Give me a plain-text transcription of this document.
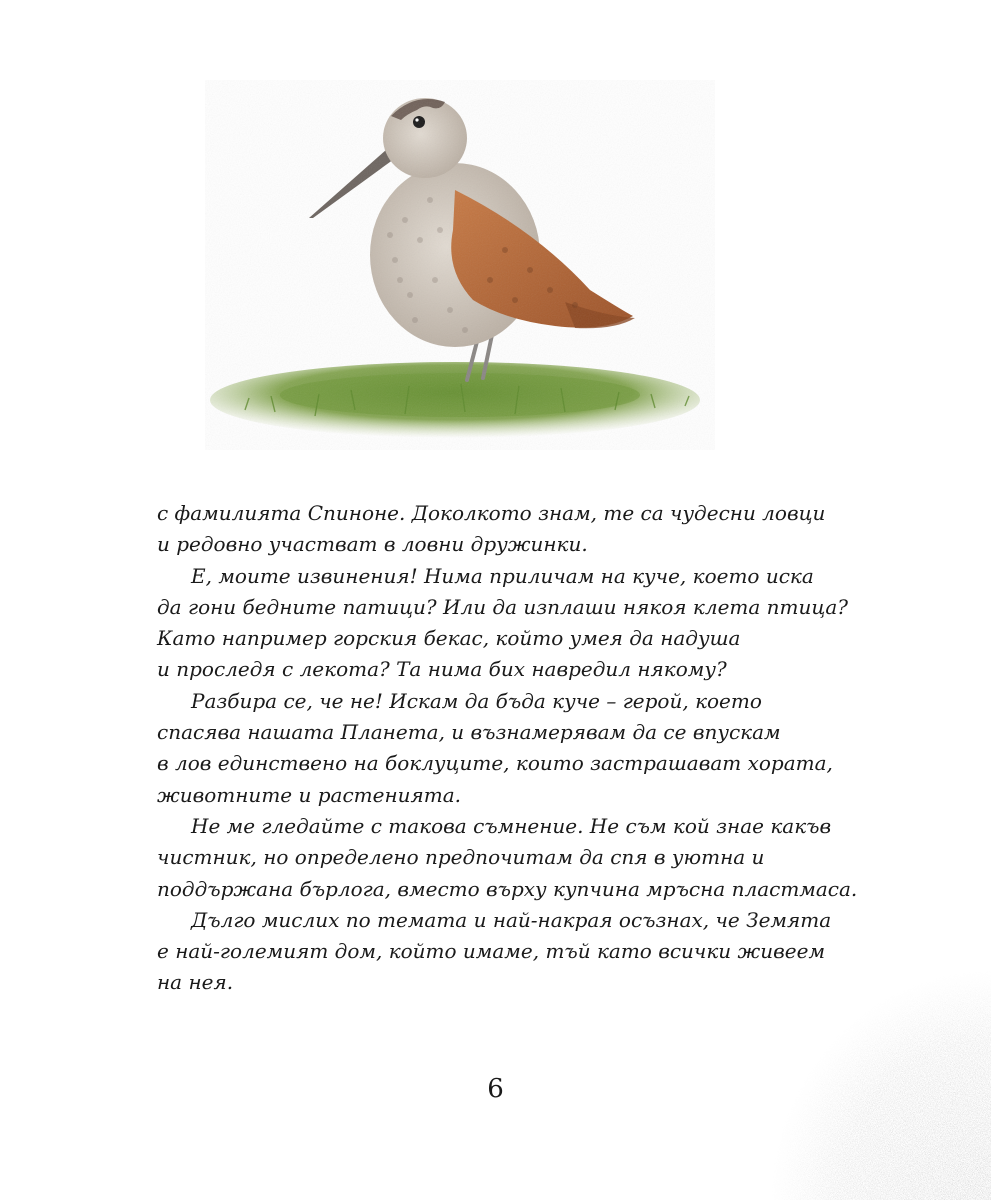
с фамилията Спиноне. Доколкото знам, те са чудесни ловци
и редовно участват в ловни дружинки.
Е, моите извинения! Нима приличам на куче, което иска
да гони бедните патици? Или да изплаши някоя клета птица?
Като например горския бекас, който умея да надуша
и проследя с лекота? Та нима бих навредил някому?
Разбира се, че не! Искам да бъда куче – герой, което
спасява нашата Планета, и възнамерявам да се впускам
в лов единствено на боклуците, които застрашават хората,
животните и растенията.
Не ме гледайте с такова съмнение. Не съм кой знае какъв
чистник, но определено предпочитам да спя в уютна и
поддържана бърлога, вместо върху купчина мръсна пластмаса.
Дълго мислих по темата и най-накрая осъзнах, че Земята
е най-големият дом, който имаме, тъй като всички живеем
на нея.
6
